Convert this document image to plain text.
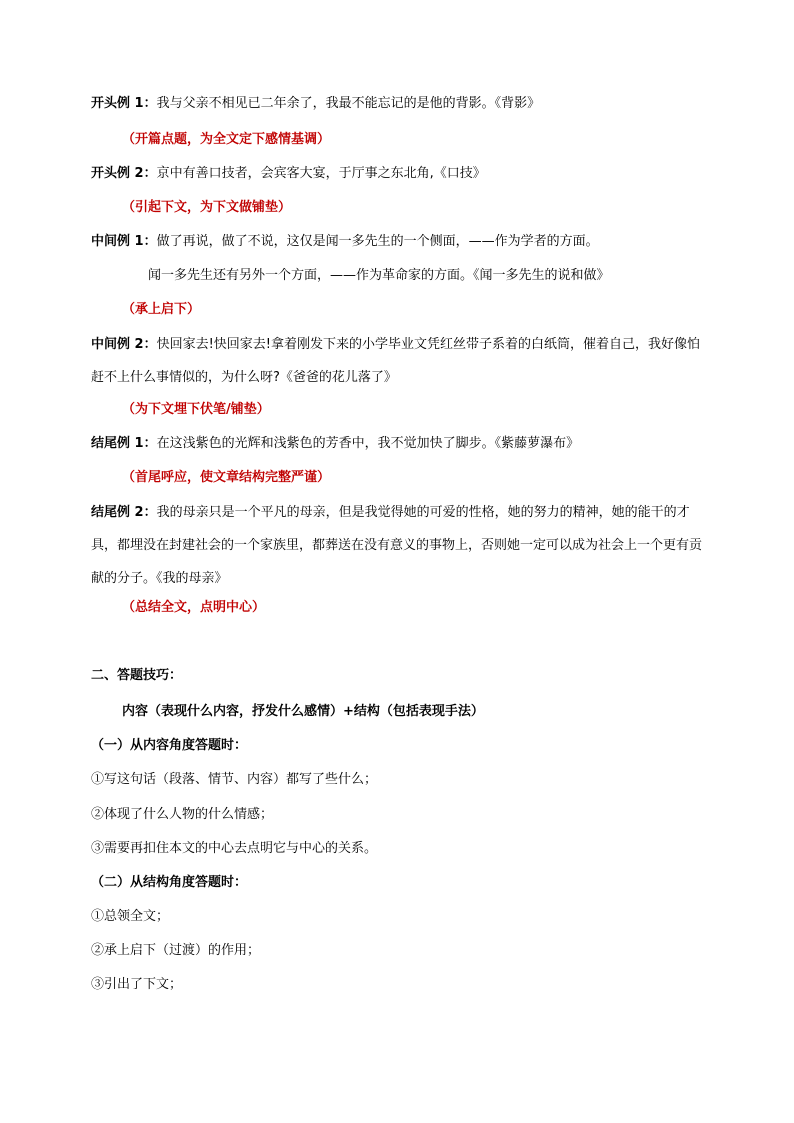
开头例 1：我与父亲不相见已二年余了，我最不能忘记的是他的背影。《背影》
（开篇点题，为全文定下感情基调）
开头例 2：京中有善口技者，会宾客大宴，于厅事之东北角,《口技》
（引起下文，为下文做铺垫）
中间例 1：做了再说，做了不说，这仅是闻一多先生的一个侧面，——作为学者的方面。
闻一多先生还有另外一个方面，——作为革命家的方面。《闻一多先生的说和做》
（承上启下）
中间例 2：快回家去!快回家去!拿着刚发下来的小学毕业文凭红丝带子系着的白纸筒，催着自己，我好像怕赶不上什么事情似的，为什么呀?《爸爸的花儿落了》
（为下文埋下伏笔/铺垫）
结尾例 1：在这浅紫色的光辉和浅紫色的芳香中，我不觉加快了脚步。《紫藤萝瀑布》
（首尾呼应，使文章结构完整严谨）
结尾例 2：我的母亲只是一个平凡的母亲，但是我觉得她的可爱的性格，她的努力的精神，她的能干的才具，都埋没在封建社会的一个家族里，都葬送在没有意义的事物上，否则她一定可以成为社会上一个更有贡献的分子。《我的母亲》
（总结全文，点明中心）
二、答题技巧：
内容（表现什么内容，抒发什么感情）+结构（包括表现手法）
（一）从内容角度答题时：
①写这句话（段落、情节、内容）都写了些什么；
②体现了什么人物的什么情感；
③需要再扣住本文的中心去点明它与中心的关系。
（二）从结构角度答题时：
①总领全文；
②承上启下（过渡）的作用；
③引出了下文；
